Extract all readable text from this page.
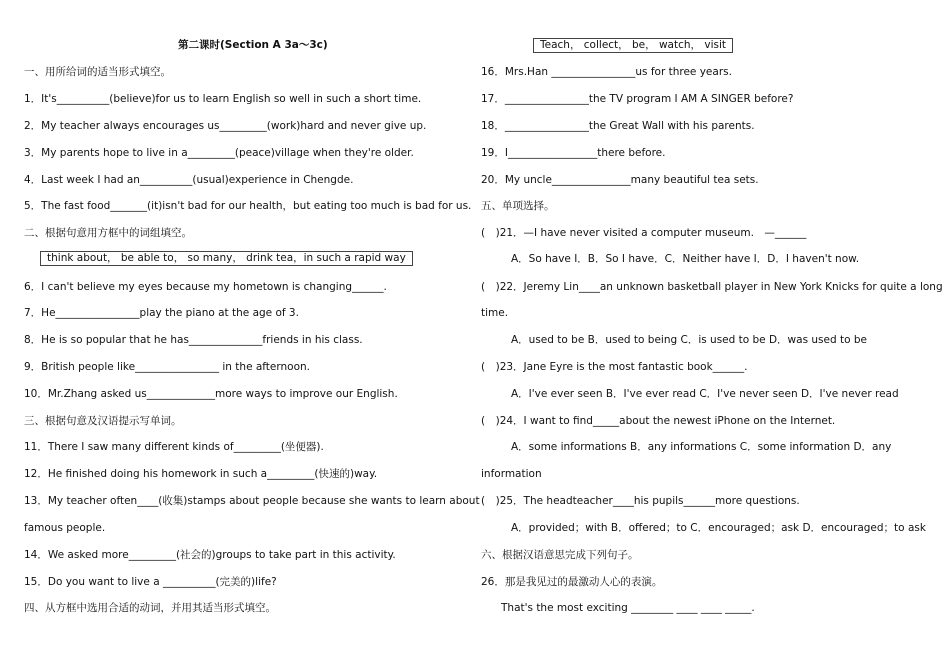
第二课时(Section A 3a～3c)
一、用所给词的适当形式填空。
1．It's__________(believe)for us to learn English so well in such a short time.
2．My teacher always encourages us_________(work)hard and never give up.
3．My parents hope to live in a_________(peace)village when they're older.
4．Last week I had an__________(usual)experience in Chengde.
5．The fast food_______(it)isn't bad for our health，but eating too much is bad for us.
二、根据句意用方框中的词组填空。
think about， be able to， so many， drink tea，in such a rapid way
6．I can't believe my eyes because my hometown is changing______.
7．He________________play the piano at the age of 3.
8．He is so popular that he has______________friends in his class.
9．British people like________________ in the afternoon.
10．Mr.Zhang asked us_____________more ways to improve our English.
三、根据句意及汉语提示写单词。
11．There I saw many different kinds of_________(坐便器).
12．He finished doing his homework in such a_________(快速的)way.
13．My teacher often____(收集)stamps about people because she wants to learn about
famous people.
14．We asked more_________(社会的)groups to take part in this activity.
15．Do you want to live a __________(完美的)life?
四、从方框中选用合适的动词，并用其适当形式填空。
Teach， collect， be， watch， visit
16．Mrs.Han ________________us for three years.
17．________________the TV program I AM A SINGER before?
18．________________the Great Wall with his parents.
19．I_________________there before.
20．My uncle_______________many beautiful tea sets.
五、单项选择。
(　)21．—I have never visited a computer museum.　—______
A．So have I．B．So I have．C．Neither have I．D．I haven't now.
(　)22．Jeremy Lin____an unknown basketball player in New York Knicks for quite a long
time.
A．used to be B．used to being C．is used to be D．was used to be
(　)23．Jane Eyre is the most fantastic book______.
A．I've ever seen B．I've ever read C．I've never seen D．I've never read
(　)24．I want to find_____about the newest iPhone on the Internet.
A．some informations B．any informations C．some information D．any
information
(　)25．The headteacher____his pupils______more questions.
A．provided；with B．offered；to C．encouraged；ask D．encouraged；to ask
六、根据汉语意思完成下列句子。
26．那是我见过的最激动人心的表演。
That's the most exciting ________ ____ ____ _____.
